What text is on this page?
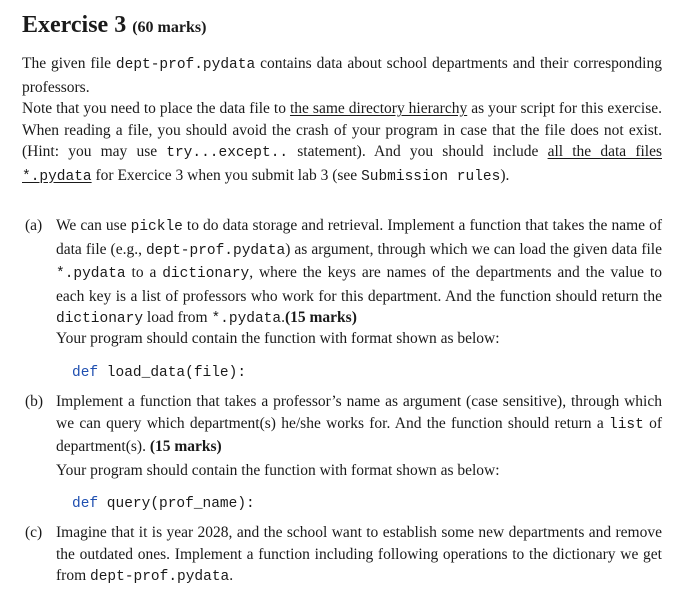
Exercise 3 (60 marks)

The given file dept-prof.pydata contains data about school departments and their corresponding professors.

Note that you need to place the data file to the same directory hierarchy as your script for this exercise. When reading a file, you should avoid the crash of your program in case that the file does not exist. (Hint: you may use try...except.. statement). And you should include all the data files *.pydata for Exercice 3 when you submit lab 3 (see Submission rules).

(a) We can use pickle to do data storage and retrieval. Implement a function that takes the name of data file (e.g., dept-prof.pydata) as argument, through which we can load the given data file *.pydata to a dictionary, where the keys are names of the departments and the value to each key is a list of professors who work for this department. And the function should return the dictionary load from *.pydata.(15 marks)
Your program should contain the function with format shown as below:
def load_data(file):
(b) Implement a function that takes a professor’s name as argument (case sensitive), through which we can query which department(s) he/she works for. And the function should return a list of department(s). (15 marks)
Your program should contain the function with format shown as below:
def query(prof_name):
(c) Imagine that it is year 2028, and the school want to establish some new departments and remove the outdated ones. Implement a function including following operations to the dictionary we get from dept-prof.pydata.
